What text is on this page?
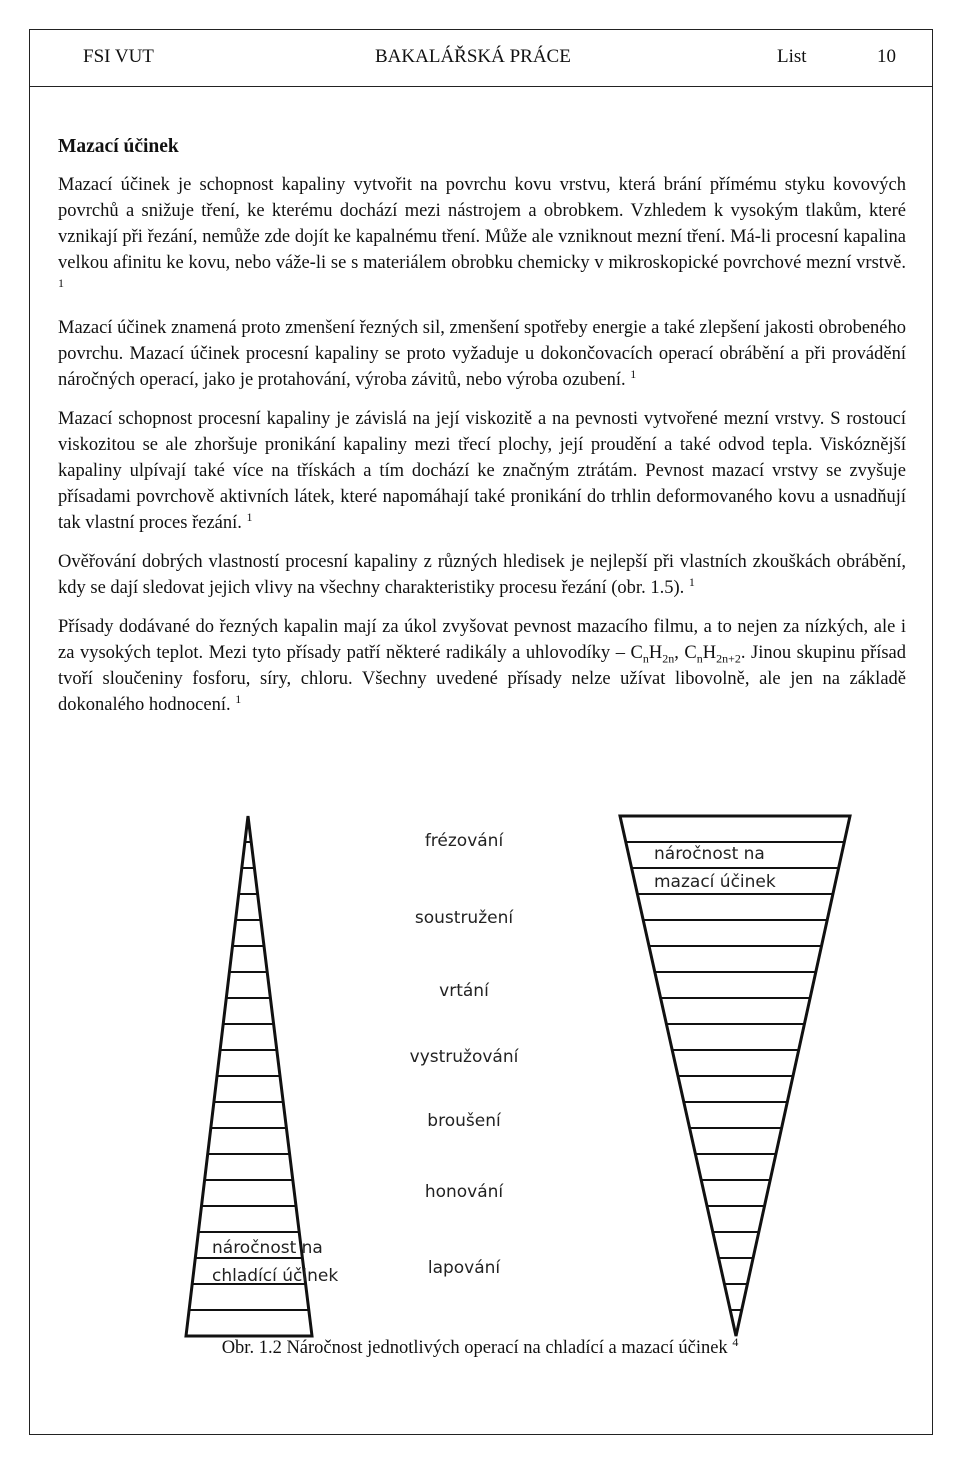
FSI VUT	BAKALÁŘSKÁ PRÁCE	List	10
Mazací účinek

Mazací účinek je schopnost kapaliny vytvořit na povrchu kovu vrstvu, která brání přímému styku kovových povrchů a snižuje tření, ke kterému dochází mezi nástrojem a obrobkem. Vzhledem k vysokým tlakům, které vznikají při řezání, nemůže zde dojít ke kapalnému tření. Může ale vzniknout mezní tření. Má-li procesní kapalina velkou afinitu ke kovu, nebo váže-li se s materiálem obrobku chemicky v mikroskopické povrchové mezní vrstvě. $^1$

Mazací účinek znamená proto zmenšení řezných sil, zmenšení spotřeby energie a také zlepšení jakosti obrobeného povrchu. Mazací účinek procesní kapaliny se proto vyžaduje u dokončovacích operací obrábění a při provádění náročných operací, jako je protahování, výroba závitů, nebo výroba ozubení. $^1$

Mazací schopnost procesní kapaliny je závislá na její viskozitě a na pevnosti vytvořené mezní vrstvy. S rostoucí viskozitou se ale zhoršuje pronikání kapaliny mezi třecí plochy, její proudění a také odvod tepla. Viskóznější kapaliny ulpívají také více na třískách a tím dochází ke značným ztrátám. Pevnost mazací vrstvy se zvyšuje přísadami povrchově aktivních látek, které napomáhají také pronikání do trhlin deformovaného kovu a usnadňují tak vlastní proces řezání. $^1$

Ověřování dobrých vlastností procesní kapaliny z různých hledisek je nejlepší při vlastních zkouškách obrábění, kdy se dají sledovat jejich vlivy na všechny charakteristiky procesu řezání (obr. 1.5). $^1$

Přísady dodávané do řezných kapalin mají za úkol zvyšovat pevnost mazacího filmu, a to nejen za nízkých, ale i za vysokých teplot. Mezi tyto přísady patří některé radikály a uhlovodíky – $C_nH_{2n}$, $C_nH_{2n+2}$. Jinou skupinu přísad tvoří sloučeniny fosforu, síry, chloru. Všechny uvedené přísady nelze užívat libovolně, ale jen na základě dokonalého hodnocení. $^1$

frézování
soustružení
vrtání
vystružování
broušení
honování
lapování
náročnost na
chladící účinek
náročnost na
mazací účinek
Obr. 1.2 Náročnost jednotlivých operací na chladící a mazací účinek $^4$
